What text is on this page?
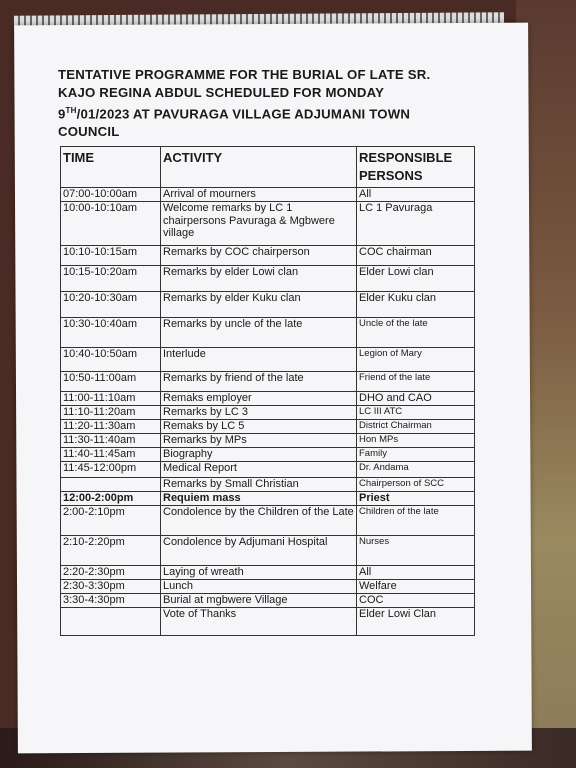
TENTATIVE PROGRAMME FOR THE BURIAL OF LATE SR.
KAJO REGINA ABDUL SCHEDULED FOR MONDAY
9TH/01/2023 AT PAVURAGA VILLAGE ADJUMANI TOWN
COUNCIL
TIME	ACTIVITY	RESPONSIBLE PERSONS
07:00-10:00am	Arrival of mourners	All
10:00-10:10am	Welcome remarks by LC 1 chairpersons Pavuraga & Mgbwere village	LC 1 Pavuraga
10:10-10:15am	Remarks by COC chairperson	COC chairman
10:15-10:20am	Remarks by elder Lowi clan	Elder Lowi clan
10:20-10:30am	Remarks by elder Kuku clan	Elder Kuku clan
10:30-10:40am	Remarks by uncle of the late	Uncle of the late
10:40-10:50am	Interlude	Legion of Mary
10:50-11:00am	Remarks by friend of the late	Friend of the late
11:00-11:10am	Remaks employer	DHO and CAO
11:10-11:20am	Remarks by LC 3	LC III ATC
11:20-11:30am	Remaks by LC 5	District Chairman
11:30-11:40am	Remarks by MPs	Hon MPs
11:40-11:45am	Biography	Family
11:45-12:00pm	Medical Report	Dr. Andama
	Remarks by Small Christian	Chairperson of SCC
12:00-2:00pm	Requiem mass	Priest
2:00-2:10pm	Condolence by the Children of the Late	Children of the late
2:10-2:20pm	Condolence by Adjumani Hospital	Nurses
2:20-2:30pm	Laying of wreath	All
2:30-3:30pm	Lunch	Welfare
3:30-4:30pm	Burial at mgbwere Village	COC
	Vote of Thanks	Elder Lowi Clan
